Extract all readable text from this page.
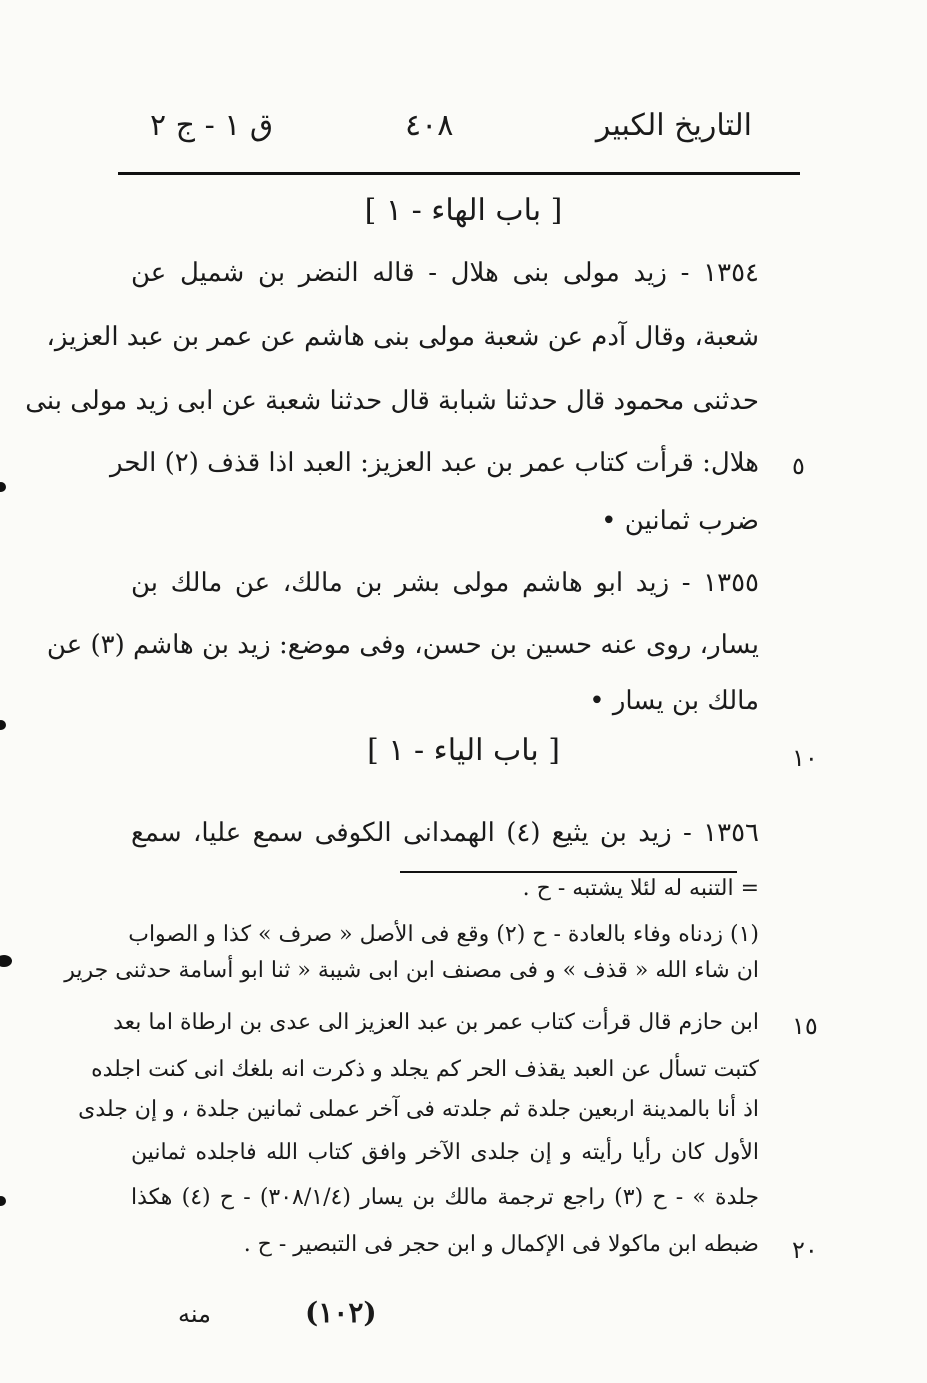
التاريخ الكبير
٤٠٨
ق ١ - ج ٢
[ باب الهاء - ١ ]
١٣٥٤ - زيد مولى بنى هلال - قاله النضر بن شميل عن
شعبة، وقال آدم عن شعبة مولى بنى هاشم عن عمر بن عبد العزيز،
حدثنى محمود قال حدثنا شبابة قال حدثنا شعبة عن ابى زيد مولى بنى
هلال: قرأت كتاب عمر بن عبد العزيز: العبد اذا قذف (٢) الحر
ضرب ثمانين •
١٣٥٥ - زيد ابو هاشم مولى بشر بن مالك، عن مالك بن
يسار، روى عنه حسين بن حسن، وفى موضع: زيد بن هاشم (٣) عن
مالك بن يسار •
[ باب الياء - ١ ]
١٣٥٦ - زيد بن يثيع (٤) الهمدانى الكوفى سمع عليا، سمع
٥
١٠
١٥
٢٠
= التنبه له لئلا يشتبه - ح .
(١) زدناه وفاء بالعادة - ح (٢) وقع فى الأصل « صرف » كذا و الصواب
ان شاء الله « قذف » و فى مصنف ابن ابى شيبة « ثنا ابو أسامة حدثنى جرير
ابن حازم قال قرأت كتاب عمر بن عبد العزيز الى عدى بن ارطاة اما بعد
كتبت تسأل عن العبد يقذف الحر كم يجلد و ذكرت انه بلغك انى كنت اجلده
اذ أنا بالمدينة اربعين جلدة ثم جلدته فى آخر عملى ثمانين جلدة ، و إن جلدى
الأول كان رأيا رأيته و إن جلدى الآخر وافق كتاب الله فاجلده ثمانين
جلدة » - ح (٣) راجع ترجمة مالك بن يسار (٣٠٨/١/٤) - ح (٤) هكذا
ضبطه ابن ماكولا فى الإكمال و ابن حجر فى التبصير - ح .
منه	(١٠٢)
